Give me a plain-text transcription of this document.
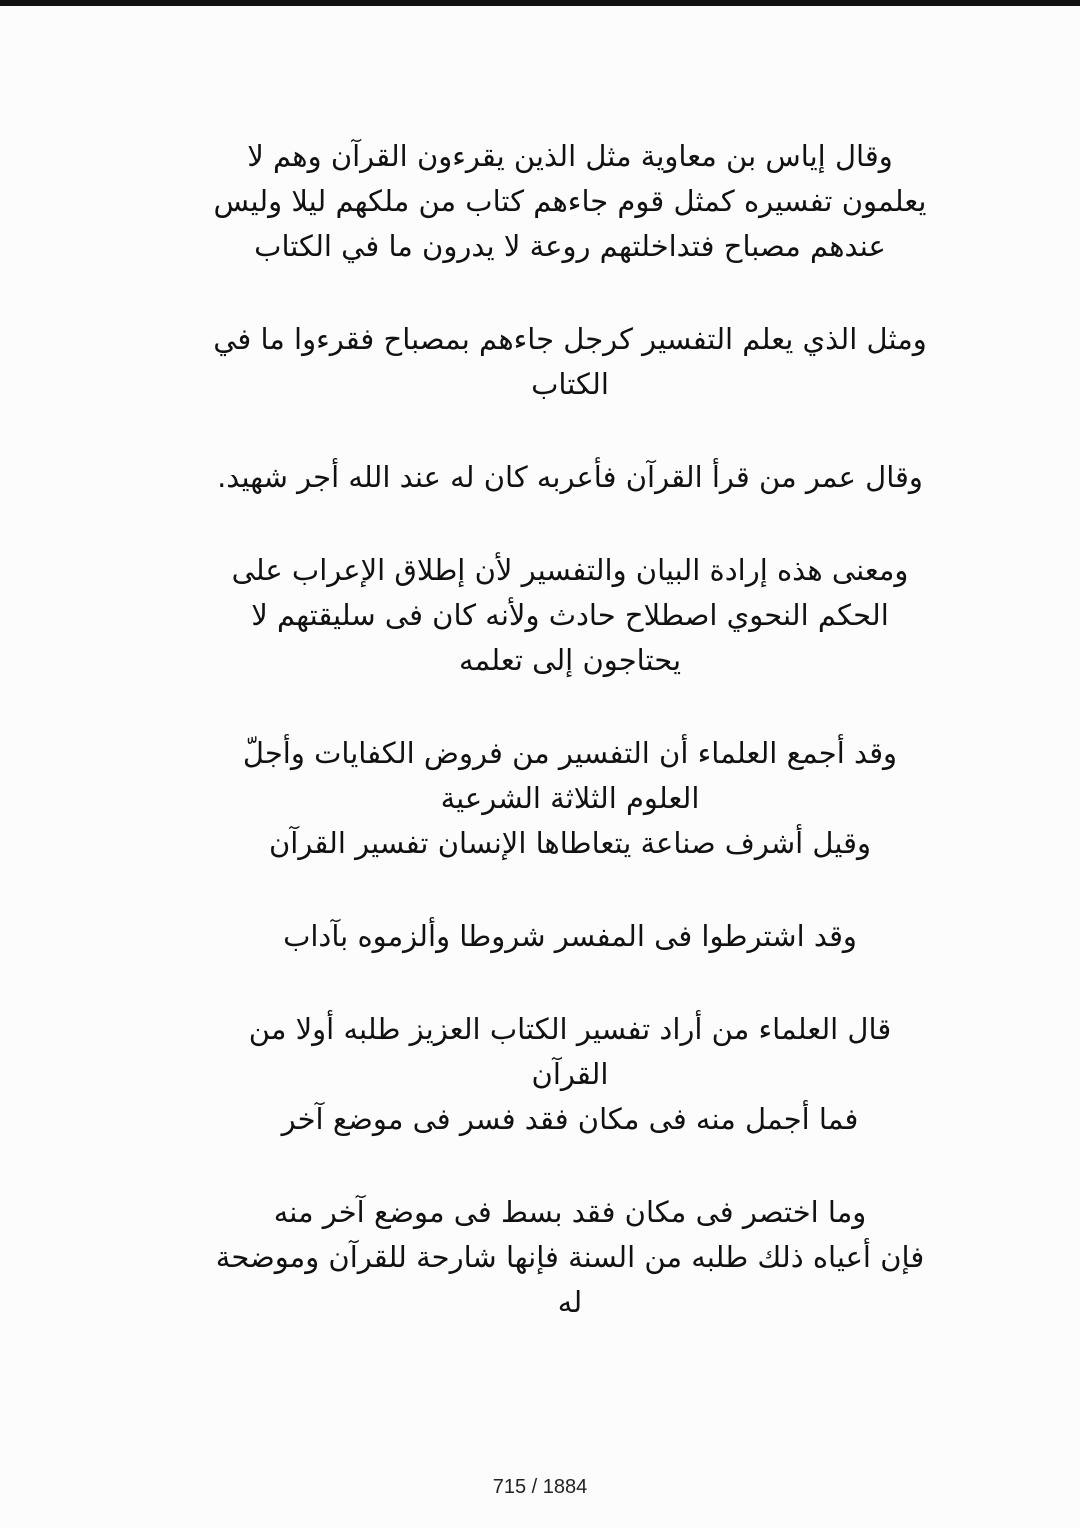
وقال إياس بن معاوية مثل الذين يقرءون القرآن وهم لا
يعلمون تفسيره كمثل قوم جاءهم كتاب من ملكهم ليلا وليس
عندهم مصباح فتداخلتهم روعة لا يدرون ما في الكتاب

ومثل الذي يعلم التفسير كرجل جاءهم بمصباح فقرءوا ما في
الكتاب

وقال عمر من قرأ القرآن فأعربه كان له عند الله أجر شهيد.

ومعنى هذه إرادة البيان والتفسير لأن إطلاق الإعراب على
الحكم النحوي اصطلاح حادث ولأنه كان فى سليقتهم لا
يحتاجون إلى تعلمه

وقد أجمع العلماء أن التفسير من فروض الكفايات وأجلّ
العلوم الثلاثة الشرعية
وقيل أشرف صناعة يتعاطاها الإنسان تفسير القرآن

وقد اشترطوا فى المفسر شروطا وألزموه بآداب

قال العلماء من أراد تفسير الكتاب العزيز طلبه أولا من
القرآن
فما أجمل منه فى مكان فقد فسر فى موضع آخر

وما اختصر فى مكان فقد بسط فى موضع آخر منه
فإن أعياه ذلك طلبه من السنة فإنها شارحة للقرآن وموضحة
له

715 / 1884
